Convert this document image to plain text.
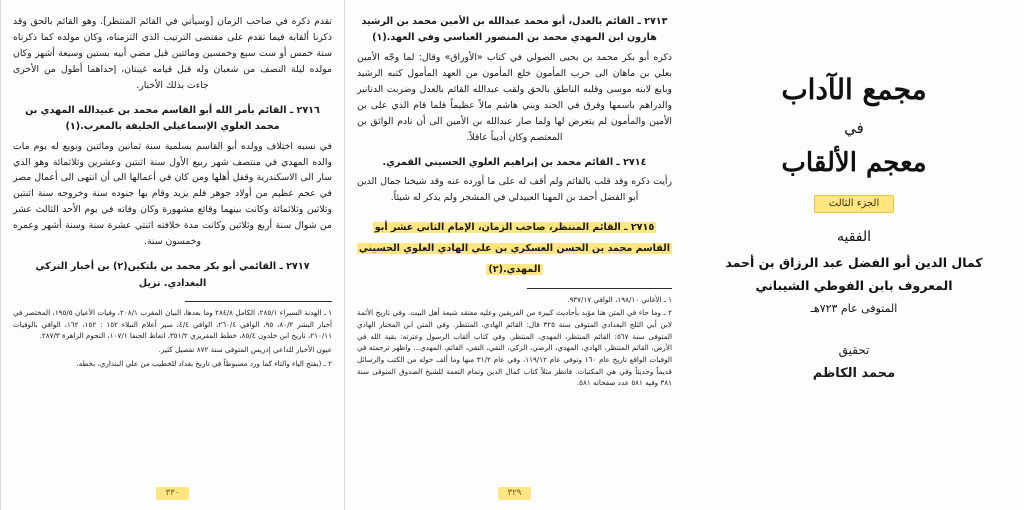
تقدم ذكره في صاحب الزمان [وسيأتي في القائم المنتظر]. وهو القائم بالحق وقد ذكرنا ألقابه فيما تقدم على مقتضى الترتيب الذي التزمناه، وكان مولده كما ذكرناه سنة خمس أو ست سبع وخمسين ومائتين قبل مضي أبيه بستين وسبعة أشهر وكان مولده ليلة النصف من شعبان وله قبل قيامه غيبتان، إحداهما أطول من الأخرى جاءت بذلك الأخبار.
٢٧١٦ ـ القائم بأمر الله أبو القاسم محمد بن عبيدالله المهدي بن محمد العلوي الإسماعيلي الخليفة بالمغرب.(١)
في نسبه اختلاف وولده أبو القاسم بسلمية سنة ثمانين ومائتين وبويع له يوم مات والده المهدي في منتصف شهر ربيع الأول سنة اثنتين وعشرين وثلاثمائة وهو الذي سار الى الاسكندرية وقفل أهلها ومن كان في أعمالها الى أن انتهى الى أعمال مصر في عجم عظيم من أولاد جوهر فلم يزيد وقام بها جنوده سنة وخروجه سنة اثنتين وثلاثين وثلاثمائة وكانت بينهما وقائع مشهورة وكان وفاته في يوم الأحد الثالث عشر من شوال سنة أربع وثلاثين وكانت مدة خلافته اثنتي عشرة سنة وسنة أشهر وعمره وخمسون سنة.
٢٧١٧ ـ القائمي أبو بكر محمد بن يلتكين(٢) بن أخبار التركي البغدادي. نزيل
١ ـ الهدنة السيراء ٢٨٥/١، الكامل ٢٨٤/٨ وما بعدها، البيان المغرب ٢٠٨/١، وفيات الأعيان ١٩٥/٥، المختصر في أخبار البشر ٨٠/٢، ٩٥، الوافي ٢٦٠/٤، الوافي ٤/٤، سير أعلام النبلاء ١٥٢ : ١٥٢، ١٦٢، الوافي بالوفيات ٢١٠/١١، تاريخ ابن خلدون ٨٥/٤، خطط المقريزي ٣٥١/٢، اتعاظ الحنفا ١٠٧/١، النجوم الزاهرة ٢٨٧/٣.
عيون الأخبار للداعي إدريس المتوفى سنة ٨٧٢ تفصيل كثير.
٢ ـ (بفتح الياء والتاء كما ورد مضبوطاً في تاريخ بغداد للخطيب من علي البنداري، بخطه.
٣٣٠
٢٧١٣ ـ القائم بالعدل، أبو محمد عبدالله بن الأمين محمد بن الرشيد هارون ابن المهدي محمد بن المنصور العباسي وفي العهد.(١)
ذكره أبو بكر محمد بن يحيى الصولي في كتاب «الأوراق» وقال: لما وجّه الأمين بعلي بن ماهان الى حرب المأمون خلع المأمون من العهد المأمول كتبه الرشيد وبايع لابنه موسى وقلبه الناطق بالحق ولقب عبدالله القائم بالعدل وضربت الدنانير والدراهم باسمها وفرق في الجند وبني هاشم مالاً عظيماً فلما قام الذي على بن الأمين والمأمون لم يتعرض لها ولما صار عبدالله بن الأمين الى أن نادم الواثق بن المعتصم وكان أديباً عاقلاً.
٢٧١٤ ـ القائم محمد بن إبراهيم العلوي الحسيني القمري.
رأيت ذكره وقد قلب بالقائم ولم أقف له على ما أورده عنه وقد شيخنا جمال الدين أبو الفضل أحمد بن المهنا العبيدلي في المشجر ولم يذكر له شيئاً.
٢٧١٥ ـ القائم المنتظر، صاحب الزمان، الإمام الثاني عشر أبو القاسم محمد بن الحسن العسكري بن علي الهادي العلوي الحسيني المهدي.(٢)
١ ـ الأغاني ١٩٨/١٠، الوافي ٩٣٧/١٧.
٢ ـ وما جاء في المتن هنا مؤيد بأحاديث كبيرة من الفريقين وعليه معتقد شيعة أهل البيت. وفي تاريخ الأئمة لابن أبي الثلج البغدادي المتوفى سنة ٣٢٥ قال: القائم الهادي، المنتظر. وفي المتن ابن المختار الهادي المتوفى سنة ٥٦٧: القائم المنتظر، المهدي، المنتظر. وفي كتاب ألقاب الرسول وعترته: بقية الله في الأرض، القائم المنتظر، الهادي، المهدي، الرضي، الزكي، التقي، النقي، القائم، المهدي... واظهر ترجمته في الوفيات الواقع تاريخ عام ١٦٠ وتوفي عام ١١٩/١٢، وفي عام ٣١/٢ منها وما ألف حوله من الكتب والرسائل قديماً وحديثاً وفي هي المكتبات. فانظر مثلاً كتاب كمال الدين وتمام النعمة للشيخ الصدوق المتوفى سنة ٣٨١ وفيه ٥٨١ عدد صفحاته ٥٨١.
٣٢٩
مجمع الآداب
في
معجم الألقاب
الجزء الثالث
الفقيه
كمال الدين أبو الفضل عبد الرزاق بن أحمد
المعروف بابن الفوطي الشيباني
المتوفى عام ٧٢٣هـ
تحقيق
محمد الكاظم
